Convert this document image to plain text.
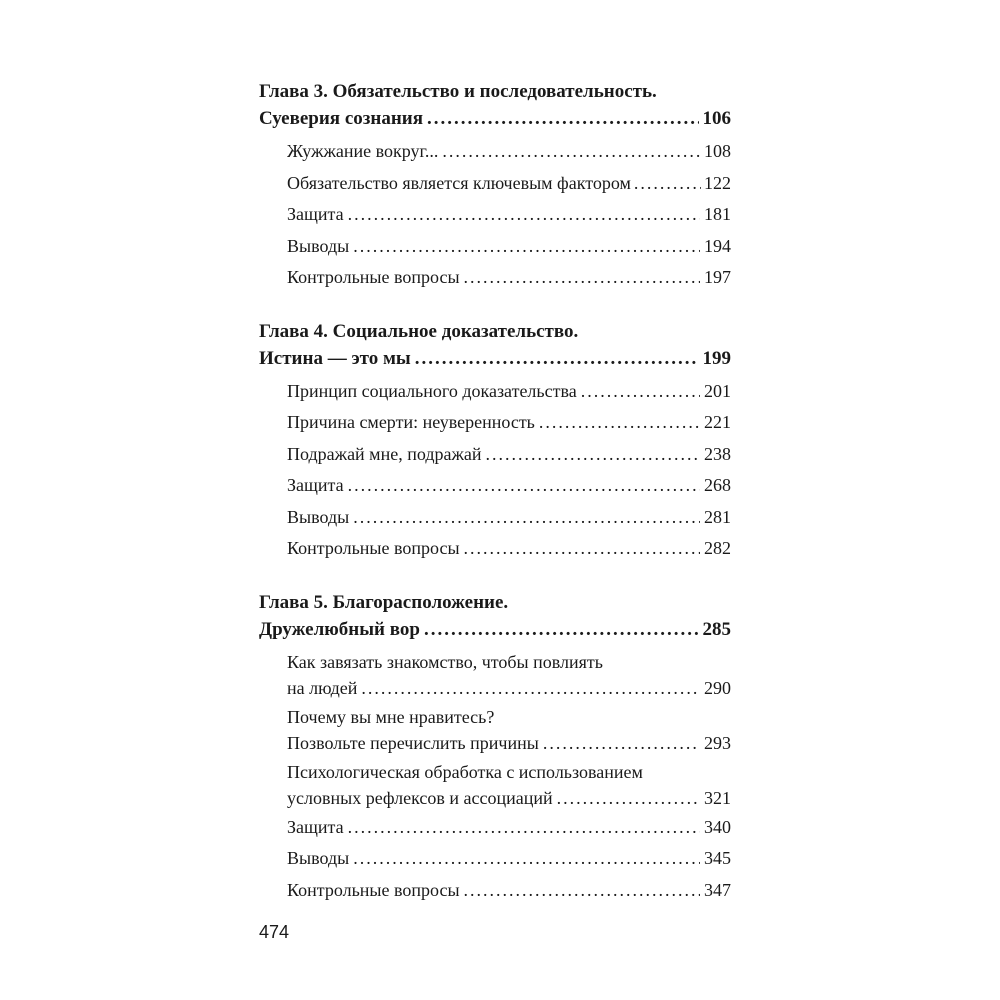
Глава 3. Обязательство и последовательность.
Суеверия сознания .....	106
Жужжание вокруг... .....	108
Обязательство является ключевым фактором .....	122
Защита .....	181
Выводы .....	194
Контрольные вопросы .....	197
Глава 4. Социальное доказательство.
Истина — это мы .....	199
Принцип социального доказательства .....	201
Причина смерти: неуверенность .....	221
Подражай мне, подражай .....	238
Защита .....	268
Выводы .....	281
Контрольные вопросы .....	282
Глава 5. Благорасположение.
Дружелюбный вор .....	285
Как завязать знакомство, чтобы повлиять
на людей .....	290
Почему вы мне нравитесь?
Позвольте перечислить причины .....	293
Психологическая обработка с использованием
условных рефлексов и ассоциаций .....	321
Защита .....	340
Выводы .....	345
Контрольные вопросы .....	347
474
